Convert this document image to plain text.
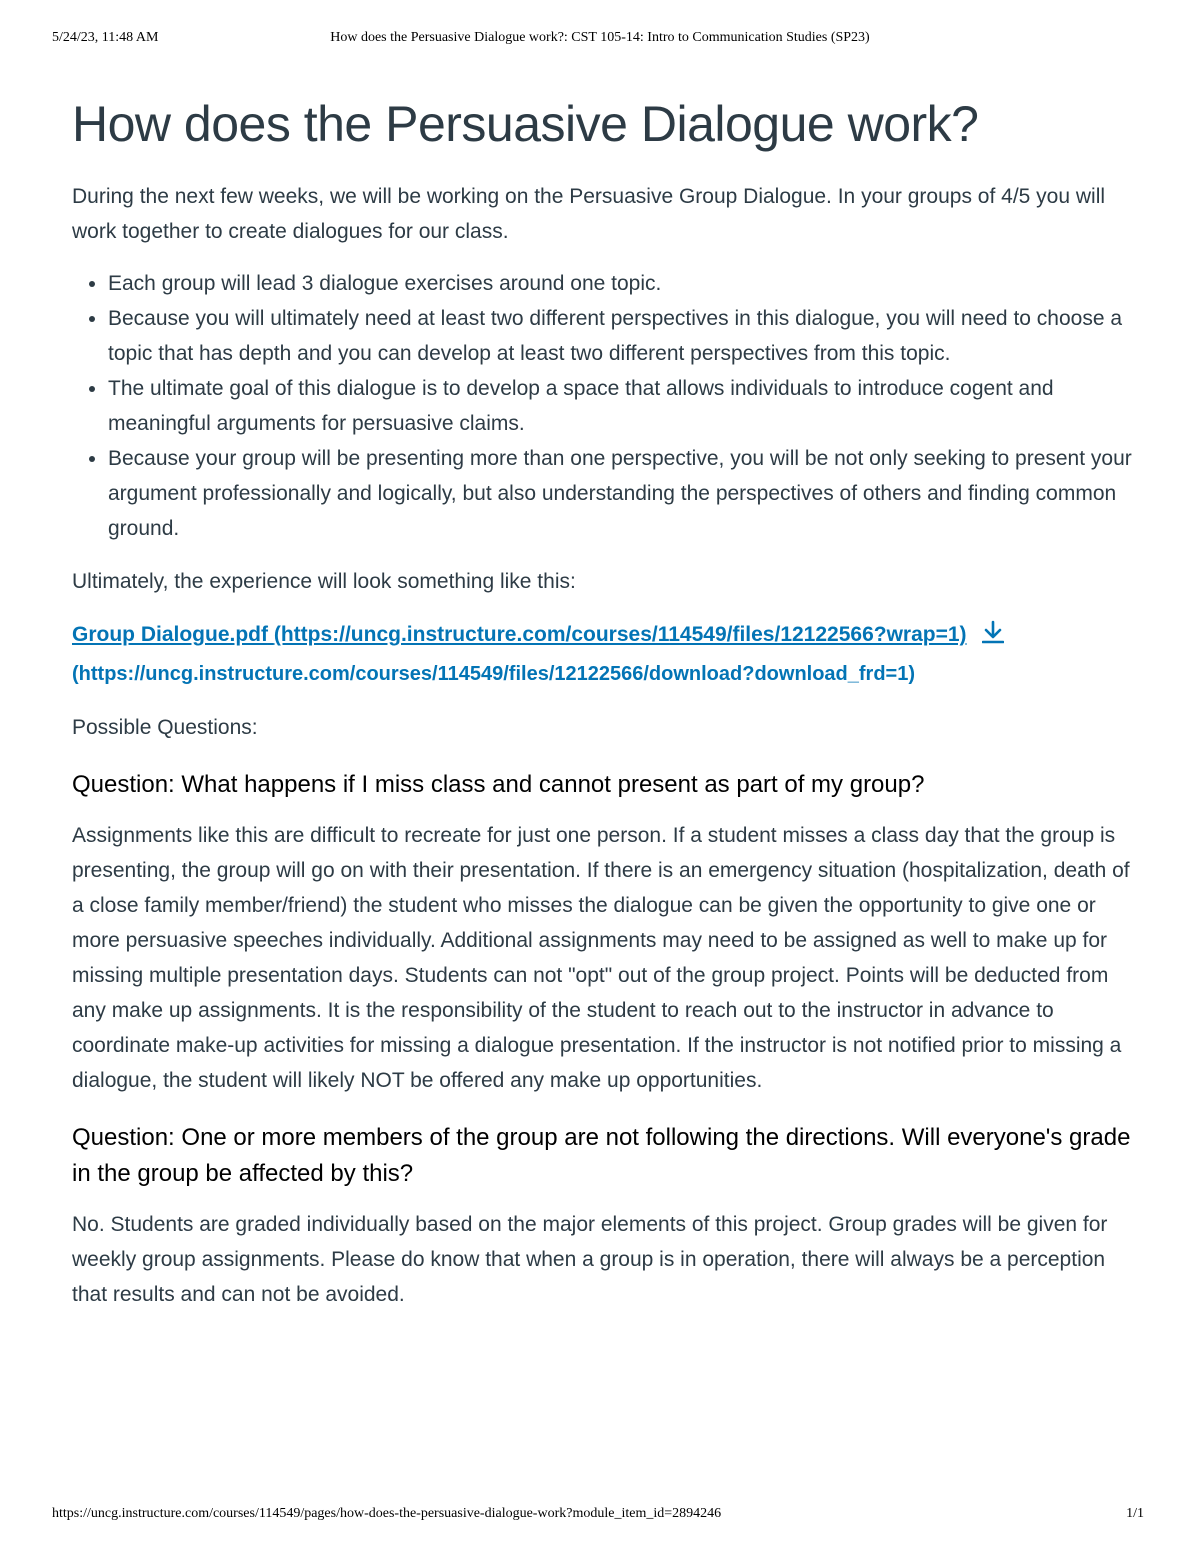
5/24/23, 11:48 AM	How does the Persuasive Dialogue work?: CST 105-14: Intro to Communication Studies (SP23)
How does the Persuasive Dialogue work?

During the next few weeks, we will be working on the Persuasive Group Dialogue. In your groups of 4/5 you will work together to create dialogues for our class.

• Each group will lead 3 dialogue exercises around one topic.
• Because you will ultimately need at least two different perspectives in this dialogue, you will need to choose a topic that has depth and you can develop at least two different perspectives from this topic.
• The ultimate goal of this dialogue is to develop a space that allows individuals to introduce cogent and meaningful arguments for persuasive claims.
• Because your group will be presenting more than one perspective, you will be not only seeking to present your argument professionally and logically, but also understanding the perspectives of others and finding common ground.

Ultimately, the experience will look something like this:

Group Dialogue.pdf (https://uncg.instructure.com/courses/114549/files/12122566?wrap=1)
(https://uncg.instructure.com/courses/114549/files/12122566/download?download_frd=1)

Possible Questions:

Question: What happens if I miss class and cannot present as part of my group?

Assignments like this are difficult to recreate for just one person. If a student misses a class day that the group is presenting, the group will go on with their presentation. If there is an emergency situation (hospitalization, death of a close family member/friend) the student who misses the dialogue can be given the opportunity to give one or more persuasive speeches individually. Additional assignments may need to be assigned as well to make up for missing multiple presentation days. Students can not "opt" out of the group project. Points will be deducted from any make up assignments. It is the responsibility of the student to reach out to the instructor in advance to coordinate make-up activities for missing a dialogue presentation. If the instructor is not notified prior to missing a dialogue, the student will likely NOT be offered any make up opportunities.

Question: One or more members of the group are not following the directions. Will everyone's grade in the group be affected by this?

No. Students are graded individually based on the major elements of this project. Group grades will be given for weekly group assignments. Please do know that when a group is in operation, there will always be a perception that results and can not be avoided.

https://uncg.instructure.com/courses/114549/pages/how-does-the-persuasive-dialogue-work?module_item_id=2894246	1/1
